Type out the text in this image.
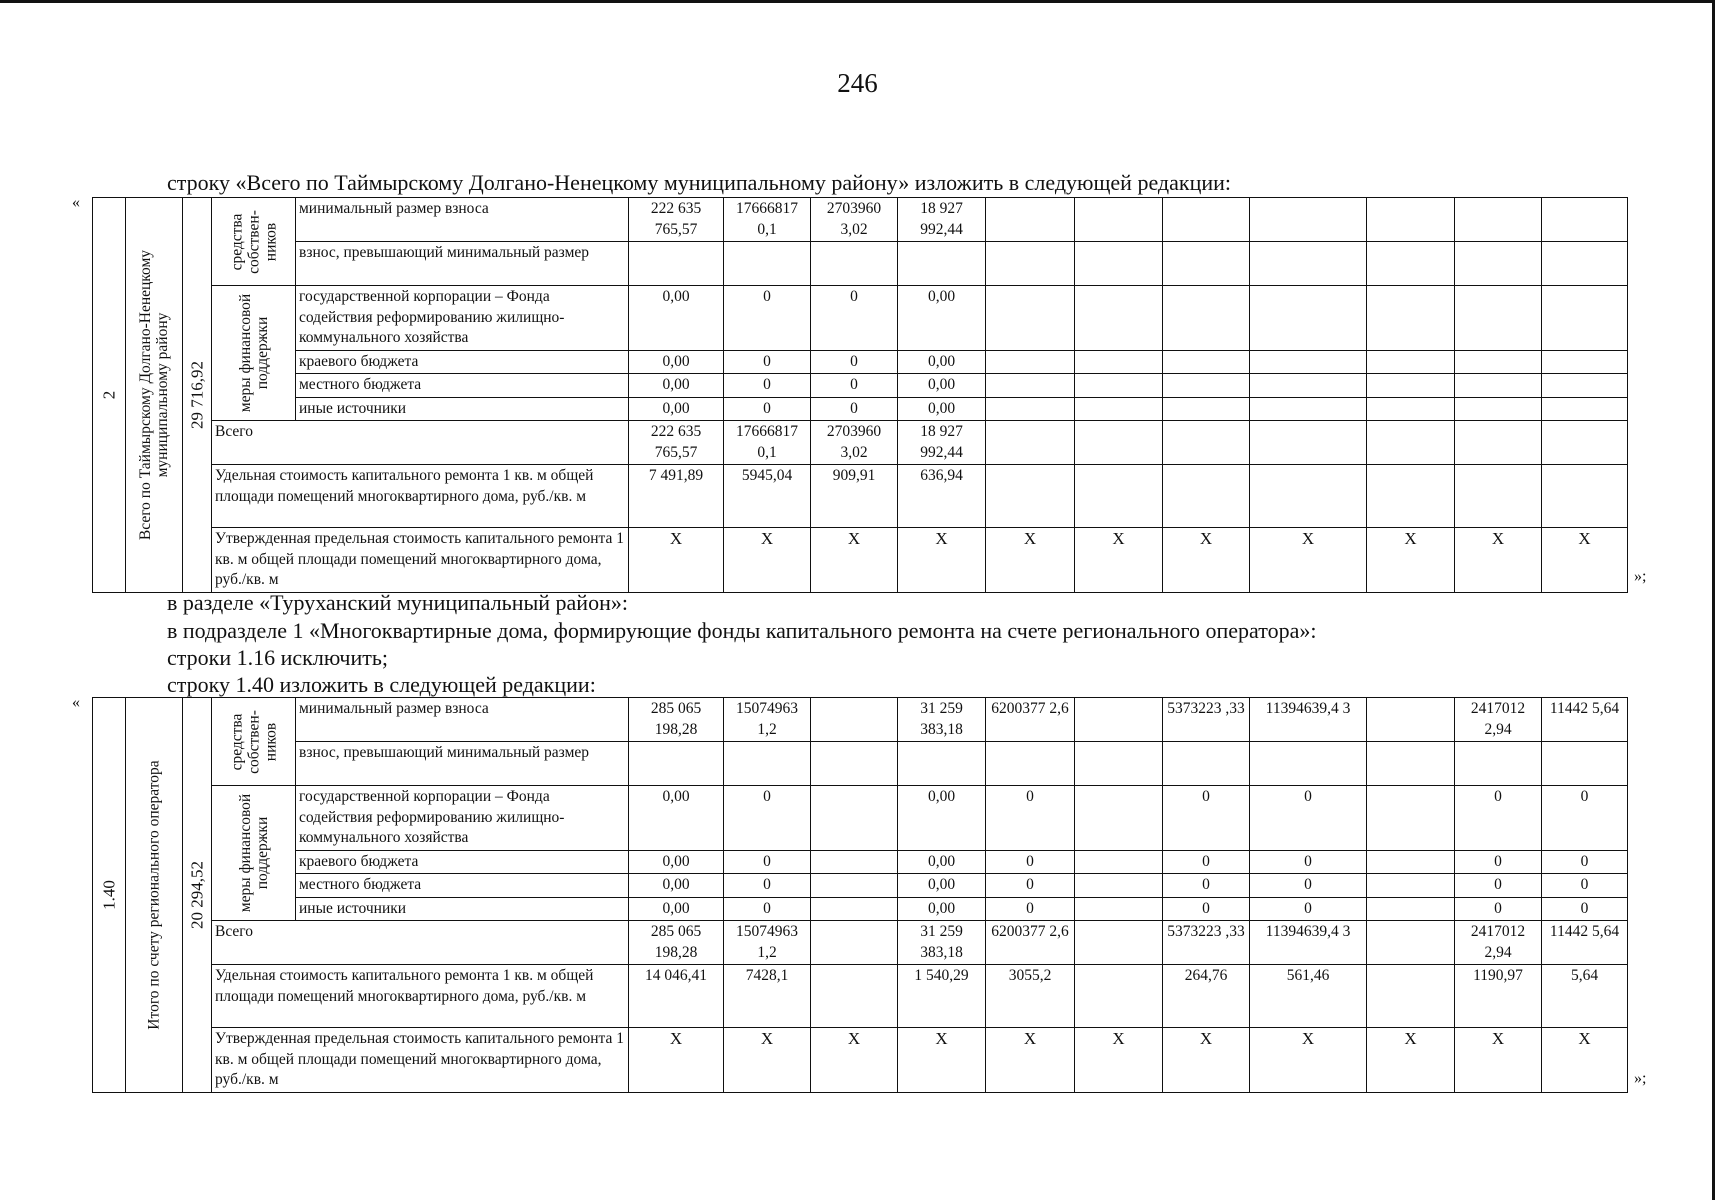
246
строку «Всего по Таймырскому Долгано-Ненецкому муниципальному району» изложить в следующей редакции:
«
2	Всего по Таймырскому Долгано-Ненецкому муниципальному району	29 716,92	средства собствен-ников	минимальный размер взноса	222 635 765,57	17666817 0,1	2703960 3,02	18 927 992,44							
				взнос, превышающий минимальный размер											

			меры финансовой поддержки	государственной корпорации – Фонда содействия реформированию жилищно-коммунального хозяйства	0,00	0	0	0,00							
				краевого бюджета	0,00	0	0	0,00							
				местного бюджета	0,00	0	0	0,00							
				иные источники	0,00	0	0	0,00							
			Всего		222 635 765,57	17666817 0,1	2703960 3,02	18 927 992,44							
			Удельная стоимость капитального ремонта 1 кв. м общей площади помещений многоквартирного дома, руб./кв. м		7 491,89	5945,04	909,91	636,94							
			Утвержденная предельная стоимость капитального ремонта 1 кв. м общей площади помещений многоквартирного дома, руб./кв. м		X	X	X	X	X	X	X	X	X	X	X
»;
в разделе «Туруханский муниципальный район»:
в подразделе 1 «Многоквартирные дома, формирующие фонды капитального ремонта на счете регионального оператора»:
строки 1.16 исключить;
строку 1.40 изложить в следующей редакции:
«
1.40	Итого по счету регионального оператора	20 294,52	средства собствен-ников	минимальный размер взноса	285 065 198,28	15074963 1,2		31 259 383,18	6200377 2,6		5373223 ,33	11394639,4 3		2417012 2,94	11442 5,64
				взнос, превышающий минимальный размер											

			меры финансовой поддержки	государственной корпорации – Фонда содействия реформированию жилищно-коммунального хозяйства	0,00	0		0,00	0		0	0		0	0
				краевого бюджета	0,00	0		0,00	0		0	0		0	0
				местного бюджета	0,00	0		0,00	0		0	0		0	0
				иные источники	0,00	0		0,00	0		0	0		0	0
			Всего		285 065 198,28	15074963 1,2		31 259 383,18	6200377 2,6		5373223 ,33	11394639,4 3		2417012 2,94	11442 5,64
			Удельная стоимость капитального ремонта 1 кв. м общей площади помещений многоквартирного дома, руб./кв. м		14 046,41	7428,1		1 540,29	3055,2		264,76	561,46		1190,97	5,64
			Утвержденная предельная стоимость капитального ремонта 1 кв. м общей площади помещений многоквартирного дома, руб./кв. м		X	X	X	X	X	X	X	X	X	X	X
»;
